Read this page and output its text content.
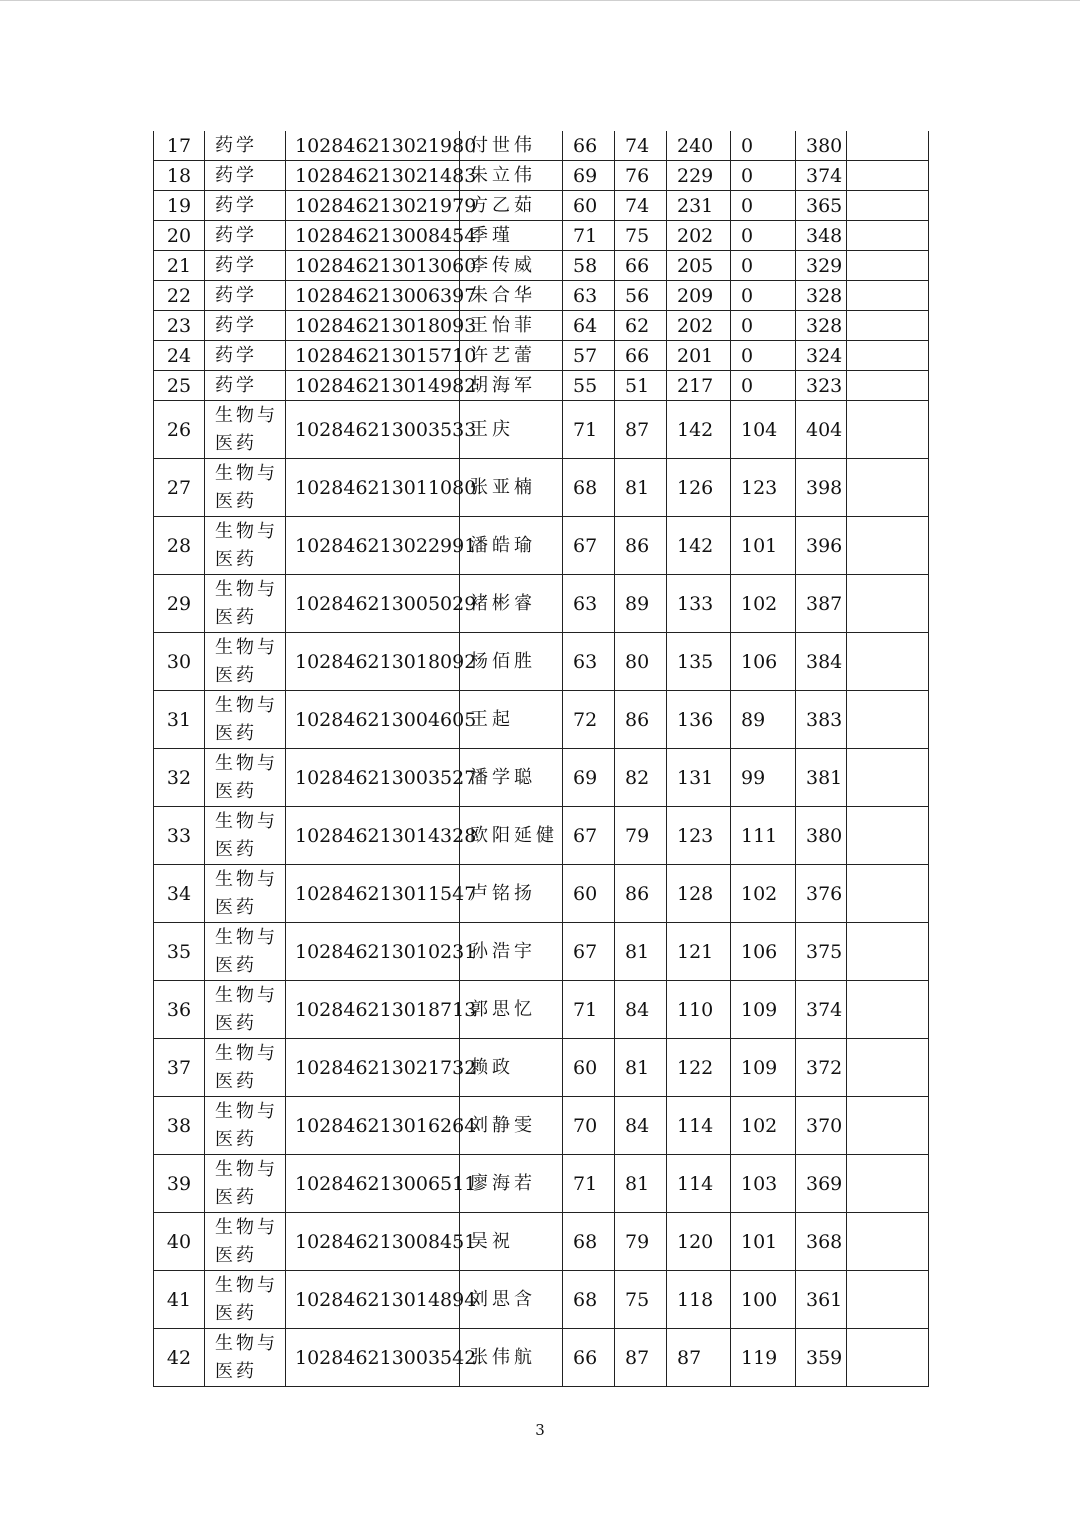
17	药学	102846213021980	付世伟	66	74	240	0	380	
18	药学	102846213021483	朱立伟	69	76	229	0	374	
19	药学	102846213021979	方乙茹	60	74	231	0	365	
20	药学	102846213008454	季瑾	71	75	202	0	348	
21	药学	102846213013060	李传威	58	66	205	0	329	
22	药学	102846213006397	朱合华	63	56	209	0	328	
23	药学	102846213018093	王怡菲	64	62	202	0	328	
24	药学	102846213015710	许艺蕾	57	66	201	0	324	
25	药学	102846213014982	胡海军	55	51	217	0	323	
26	生物与医药	102846213003533	王庆	71	87	142	104	404	
27	生物与医药	102846213011080	张亚楠	68	81	126	123	398	
28	生物与医药	102846213022991	潘皓瑜	67	86	142	101	396	
29	生物与医药	102846213005029	褚彬睿	63	89	133	102	387	
30	生物与医药	102846213018092	杨佰胜	63	80	135	106	384	
31	生物与医药	102846213004605	王起	72	86	136	89	383	
32	生物与医药	102846213003527	潘学聪	69	82	131	99	381	
33	生物与医药	102846213014328	欧阳延健	67	79	123	111	380	
34	生物与医药	102846213011547	卢铭扬	60	86	128	102	376	
35	生物与医药	102846213010231	孙浩宇	67	81	121	106	375	
36	生物与医药	102846213018713	郭思忆	71	84	110	109	374	
37	生物与医药	102846213021732	赖政	60	81	122	109	372	
38	生物与医药	102846213016264	刘静雯	70	84	114	102	370	
39	生物与医药	102846213006511	廖海若	71	81	114	103	369	
40	生物与医药	102846213008451	吴祝	68	79	120	101	368	
41	生物与医药	102846213014894	刘思含	68	75	118	100	361	
42	生物与医药	102846213003542	张伟航	66	87	87	119	359	
3
